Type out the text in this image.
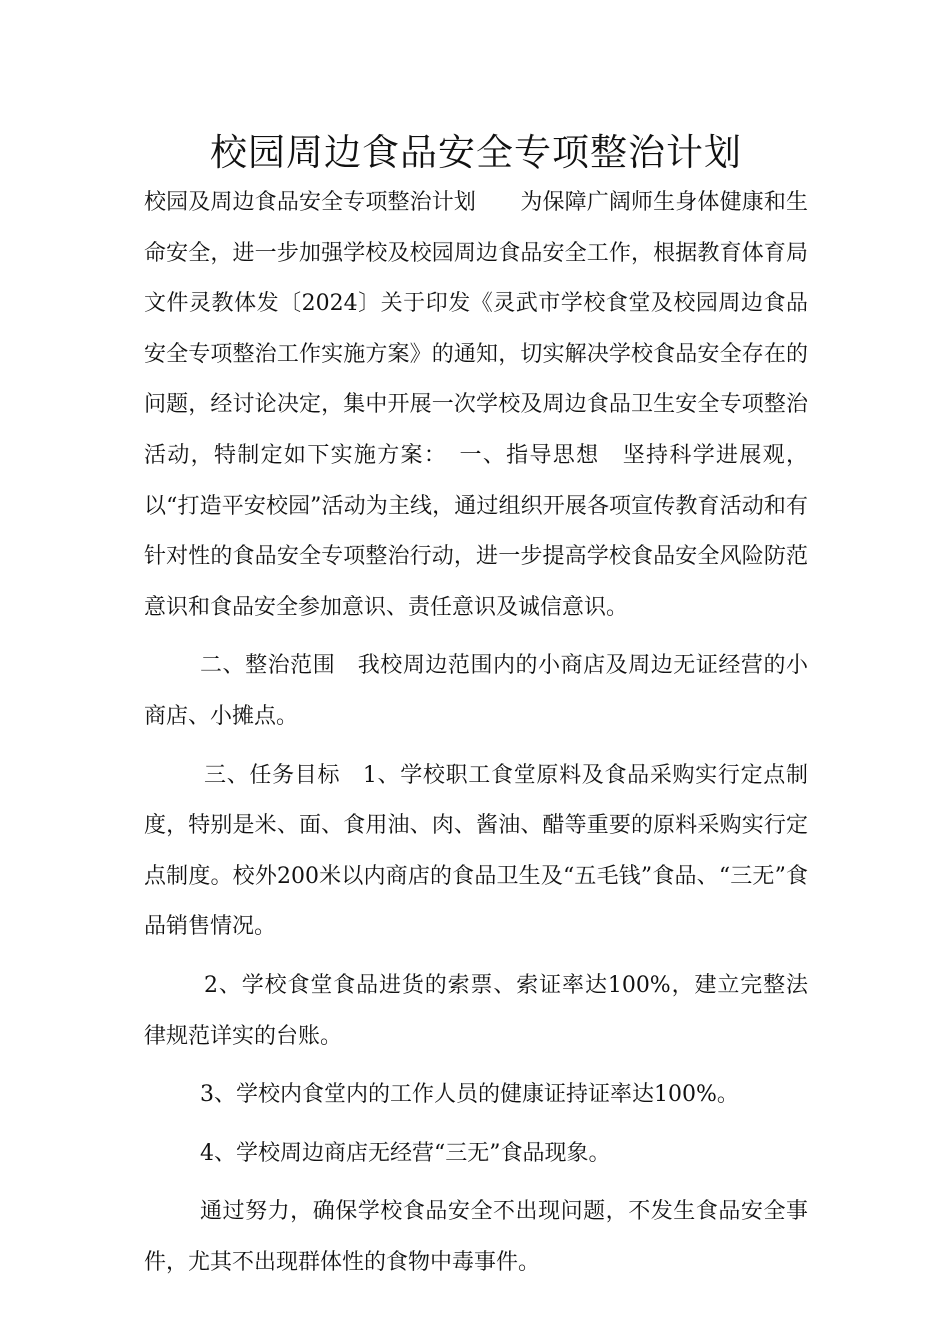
校园周边食品安全专项整治计划

校园及周边食品安全专项整治计划　　为保障广阔师生身体健康和生命安全，进一步加强学校及校园周边食品安全工作，根据教育体育局文件灵教体发〔2024〕关于印发《灵武市学校食堂及校园周边食品安全专项整治工作实施方案》的通知，切实解决学校食品安全存在的问题，经讨论决定，集中开展一次学校及周边食品卫生安全专项整治活动，特制定如下实施方案：　一、指导思想　坚持科学进展观，以“打造平安校园”活动为主线，通过组织开展各项宣传教育活动和有针对性的食品安全专项整治行动，进一步提高学校食品安全风险防范意识和食品安全参加意识、责任意识及诚信意识。

二、整治范围　我校周边范围内的小商店及周边无证经营的小商店、小摊点。

三、任务目标　1、学校职工食堂原料及食品采购实行定点制度，特别是米、面、食用油、肉、酱油、醋等重要的原料采购实行定点制度。校外200米以内商店的食品卫生及“五毛钱”食品、“三无”食品销售情况。

2、学校食堂食品进货的索票、索证率达100%，建立完整法律规范详实的台账。

3、学校内食堂内的工作人员的健康证持证率达100%。

4、学校周边商店无经营“三无”食品现象。

通过努力，确保学校食品安全不出现问题，不发生食品安全事件，尤其不出现群体性的食物中毒事件。
